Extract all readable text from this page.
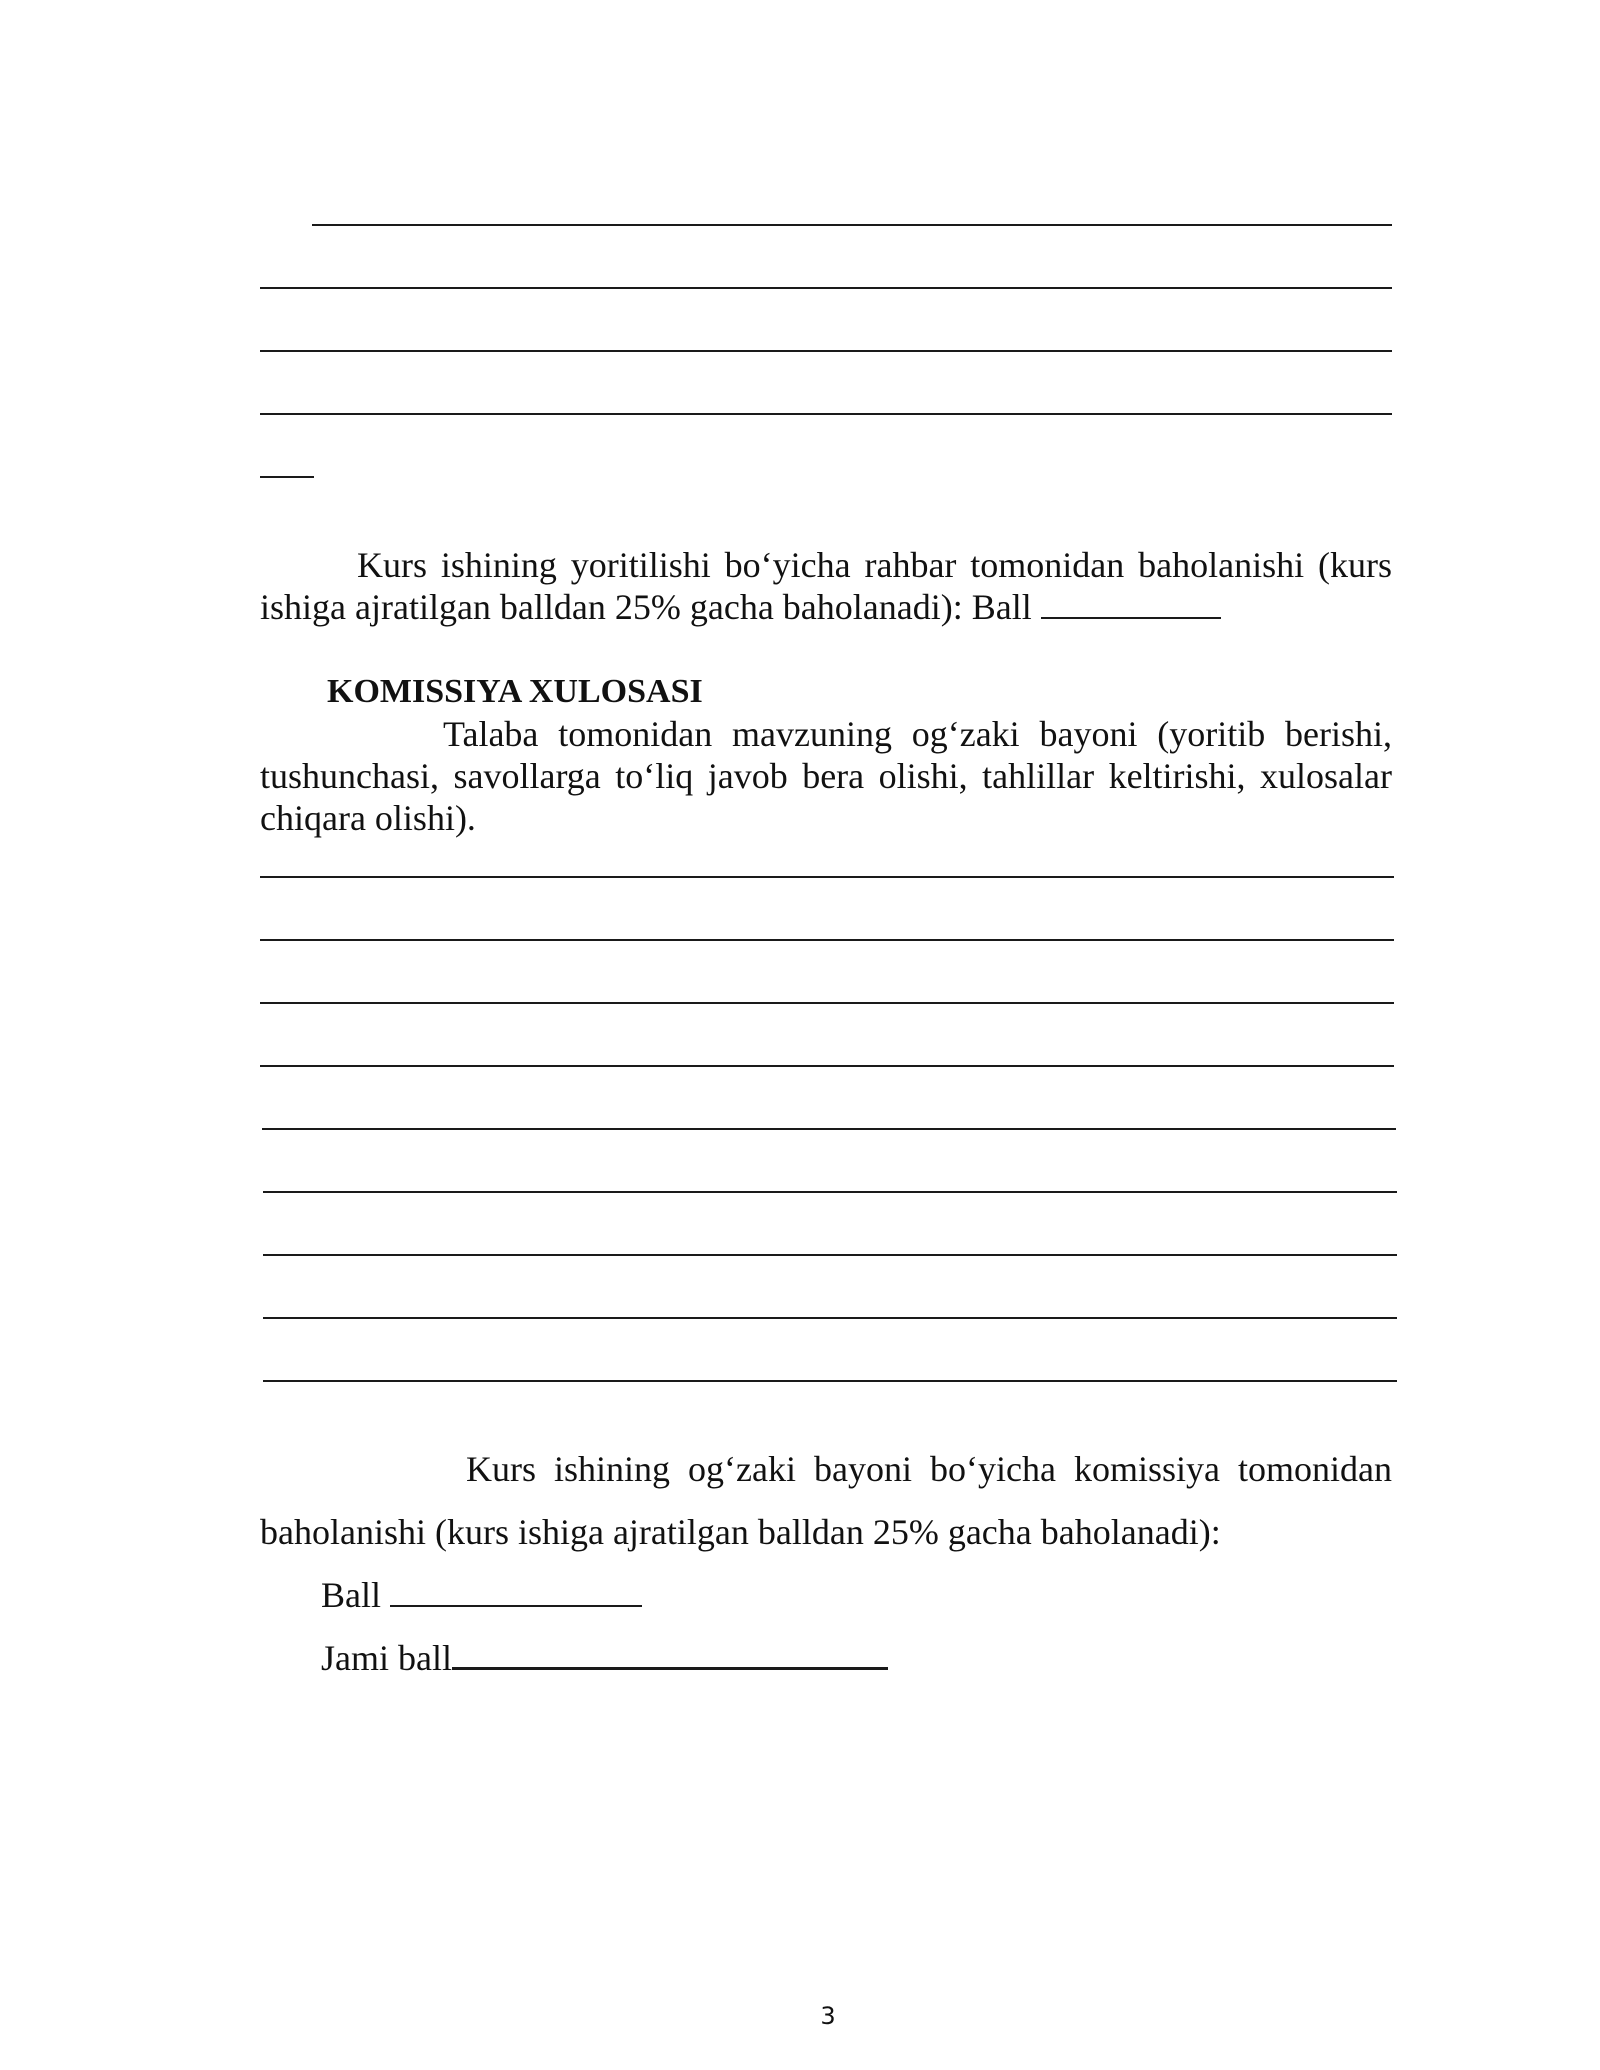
Kurs ishining yoritilishi bo‘yicha rahbar tomonidan baholanishi (kurs ishiga ajratilgan balldan 25% gacha baholanadi): Ball
KOMISSIYA XULOSASI
Talaba tomonidan mavzuning og‘zaki bayoni (yoritib berishi, tushunchasi, savollarga to‘liq javob bera olishi, tahlillar keltirishi, xulosalar chiqara olishi).
Kurs  ishining  og‘zaki  bayoni  bo‘yicha  komissiya  tomonidan
baholanishi (kurs ishiga ajratilgan balldan 25% gacha baholanadi):
Ball
Jami ball
3
